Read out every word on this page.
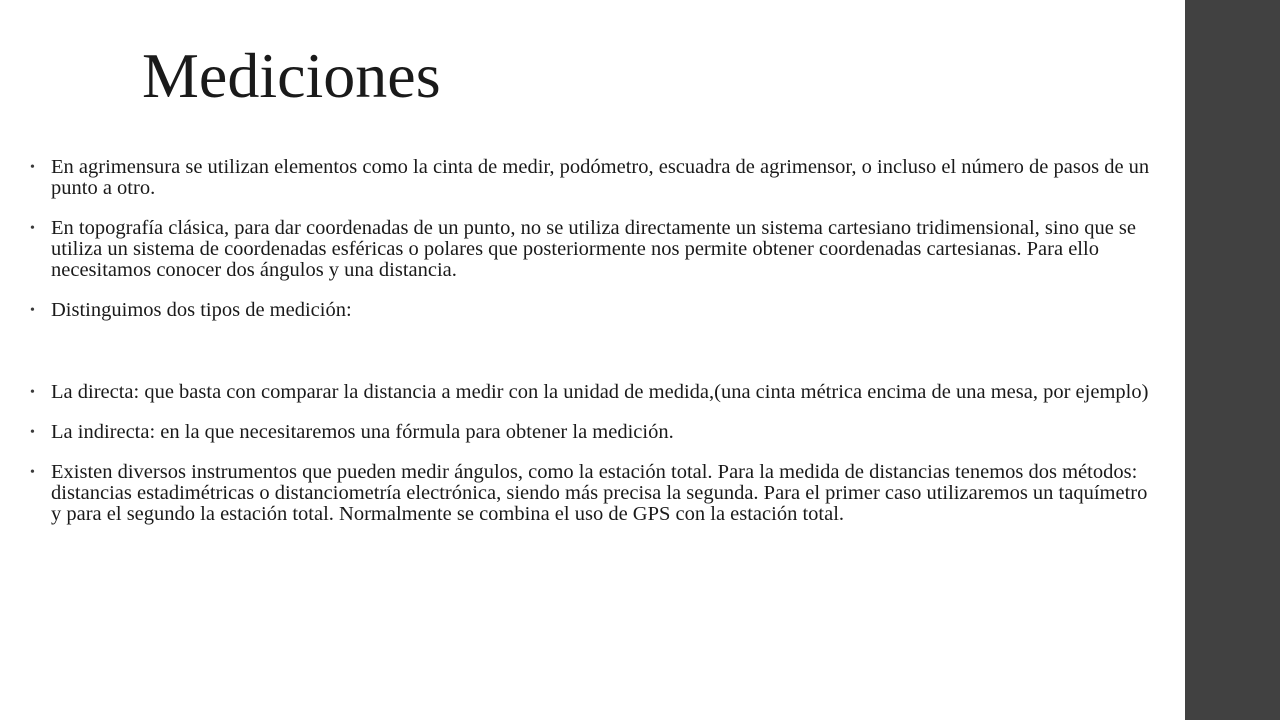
Mediciones
• En agrimensura se utilizan elementos como la cinta de medir, podómetro, escuadra de agrimensor, o incluso el número de pasos de un punto a otro.
• En topografía clásica, para dar coordenadas de un punto, no se utiliza directamente un sistema cartesiano tridimensional, sino que se utiliza un sistema de coordenadas esféricas o polares que posteriormente nos permite obtener coordenadas cartesianas. Para ello necesitamos conocer dos ángulos y una distancia.
• Distinguimos dos tipos de medición:
• La directa: que basta con comparar la distancia a medir con la unidad de medida,(una cinta métrica encima de una mesa, por ejemplo)
• La indirecta: en la que necesitaremos una fórmula para obtener la medición.
• Existen diversos instrumentos que pueden medir ángulos, como la estación total. Para la medida de distancias tenemos dos métodos: distancias estadimétricas o distanciometría electrónica, siendo más precisa la segunda. Para el primer caso utilizaremos un taquímetro y para el segundo la estación total. Normalmente se combina el uso de GPS con la estación total.
